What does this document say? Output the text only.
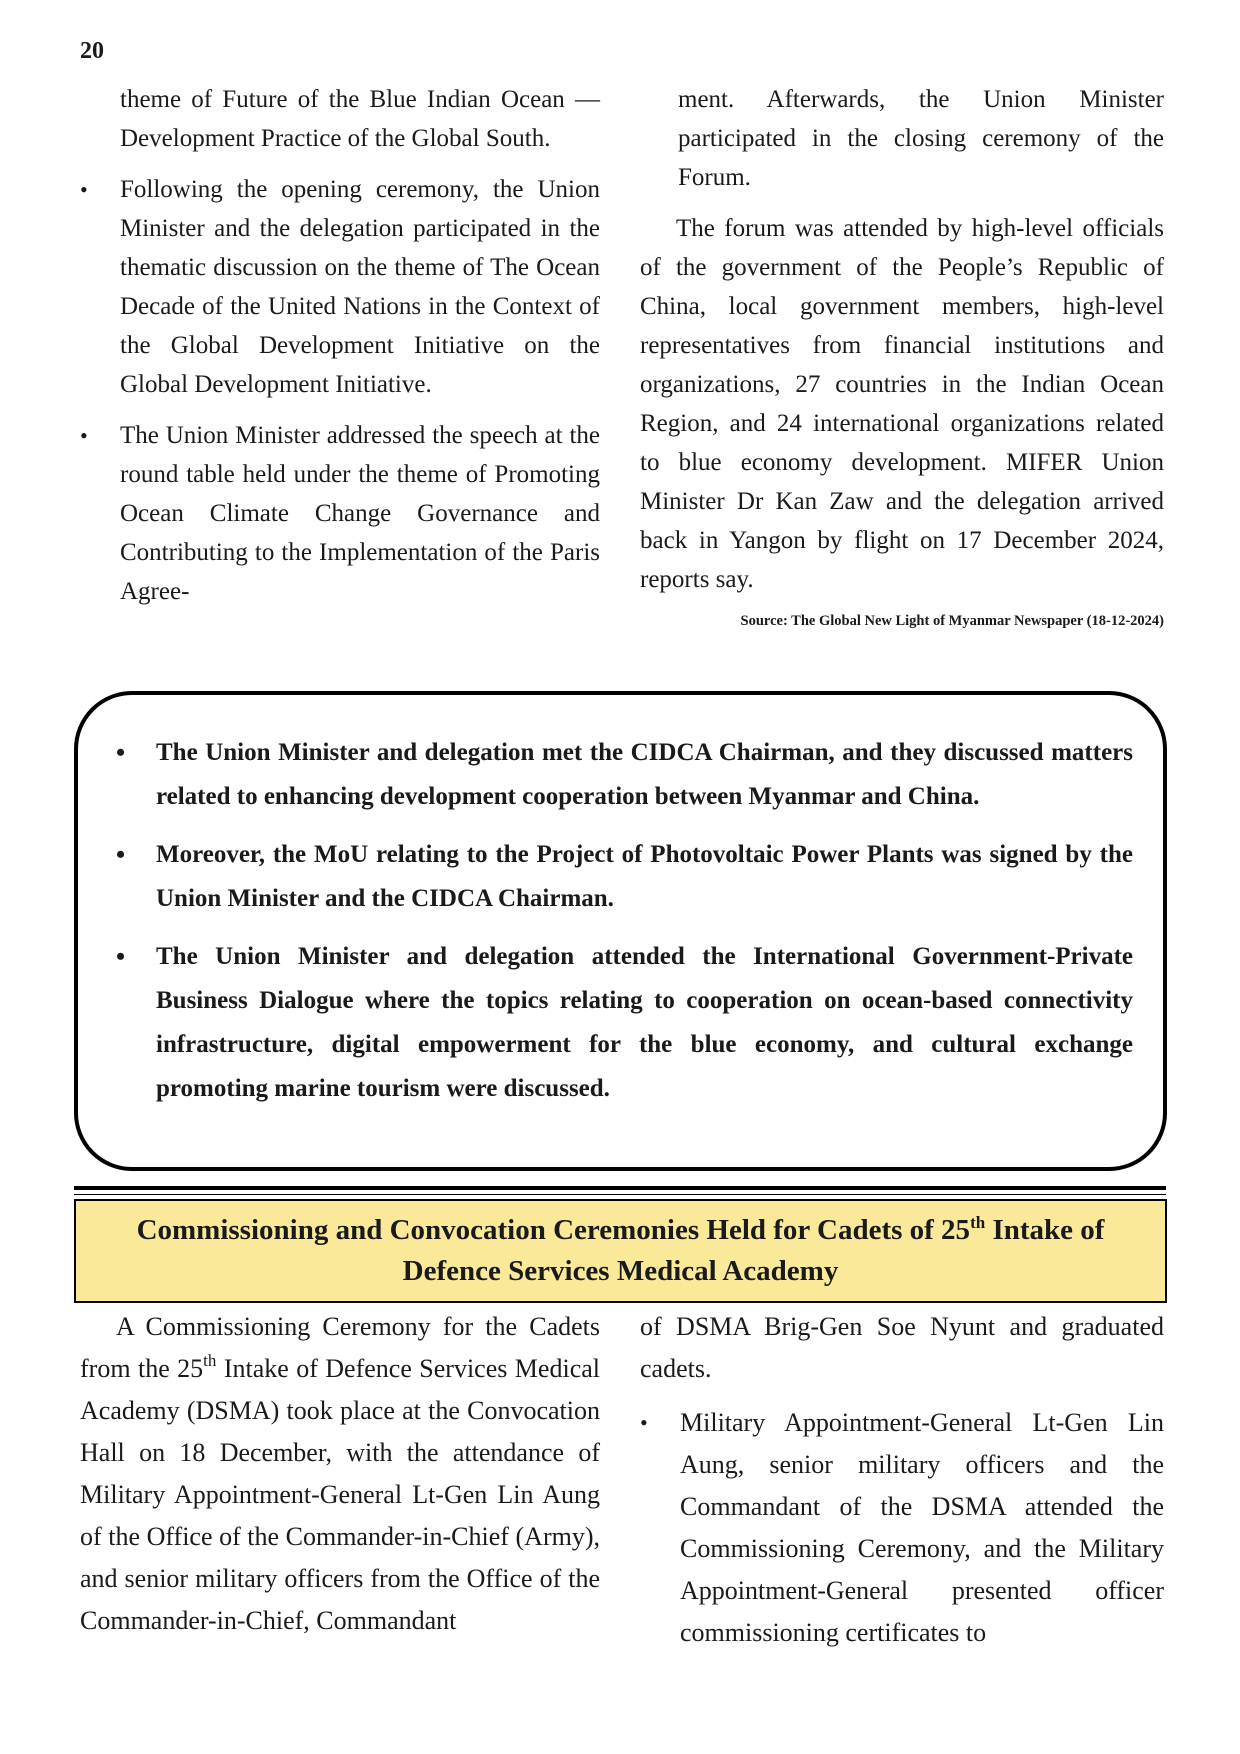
20
theme of Future of the Blue Indian Ocean — Development Practice of the Global South.
• Following the opening ceremony, the Union Minister and the delegation participated in the thematic discussion on the theme of The Ocean Decade of the United Nations in the Context of the Global Development Initiative on the Global Development Initiative.
• The Union Minister addressed the speech at the round table held under the theme of Promoting Ocean Climate Change Governance and Contributing to the Implementation of the Paris Agree-

ment. Afterwards, the Union Minister participated in the closing ceremony of the Forum.

The forum was attended by high-level officials of the government of the People’s Republic of China, local government members, high-level representatives from financial institutions and organizations, 27 countries in the Indian Ocean Region, and 24 international organizations related to blue economy development. MIFER Union Minister Dr Kan Zaw and the delegation arrived back in Yangon by flight on 17 December 2024, reports say.

Source: The Global New Light of Myanmar Newspaper (18-12-2024)
• The Union Minister and delegation met the CIDCA Chairman, and they discussed matters related to enhancing development cooperation between Myanmar and China.
• Moreover, the MoU relating to the Project of Photovoltaic Power Plants was signed by the Union Minister and the CIDCA Chairman.
• The Union Minister and delegation attended the International Government-Private Business Dialogue where the topics relating to cooperation on ocean-based connectivity infrastructure, digital empowerment for the blue economy, and cultural exchange promoting marine tourism were discussed.
Commissioning and Convocation Ceremonies Held for Cadets of 25th Intake of
Defence Services Medical Academy

A Commissioning Ceremony for the Cadets from the 25th Intake of Defence Services Medical Academy (DSMA) took place at the Convocation Hall on 18 December, with the attendance of Military Appointment-General Lt-Gen Lin Aung of the Office of the Commander-in-Chief (Army), and senior military officers from the Office of the Commander-in-Chief, Commandant

of DSMA Brig-Gen Soe Nyunt and graduated cadets.

• Military Appointment-General Lt-Gen Lin Aung, senior military officers and the Commandant of the DSMA attended the Commissioning Ceremony, and the Military Appointment-General presented officer commissioning certificates to
